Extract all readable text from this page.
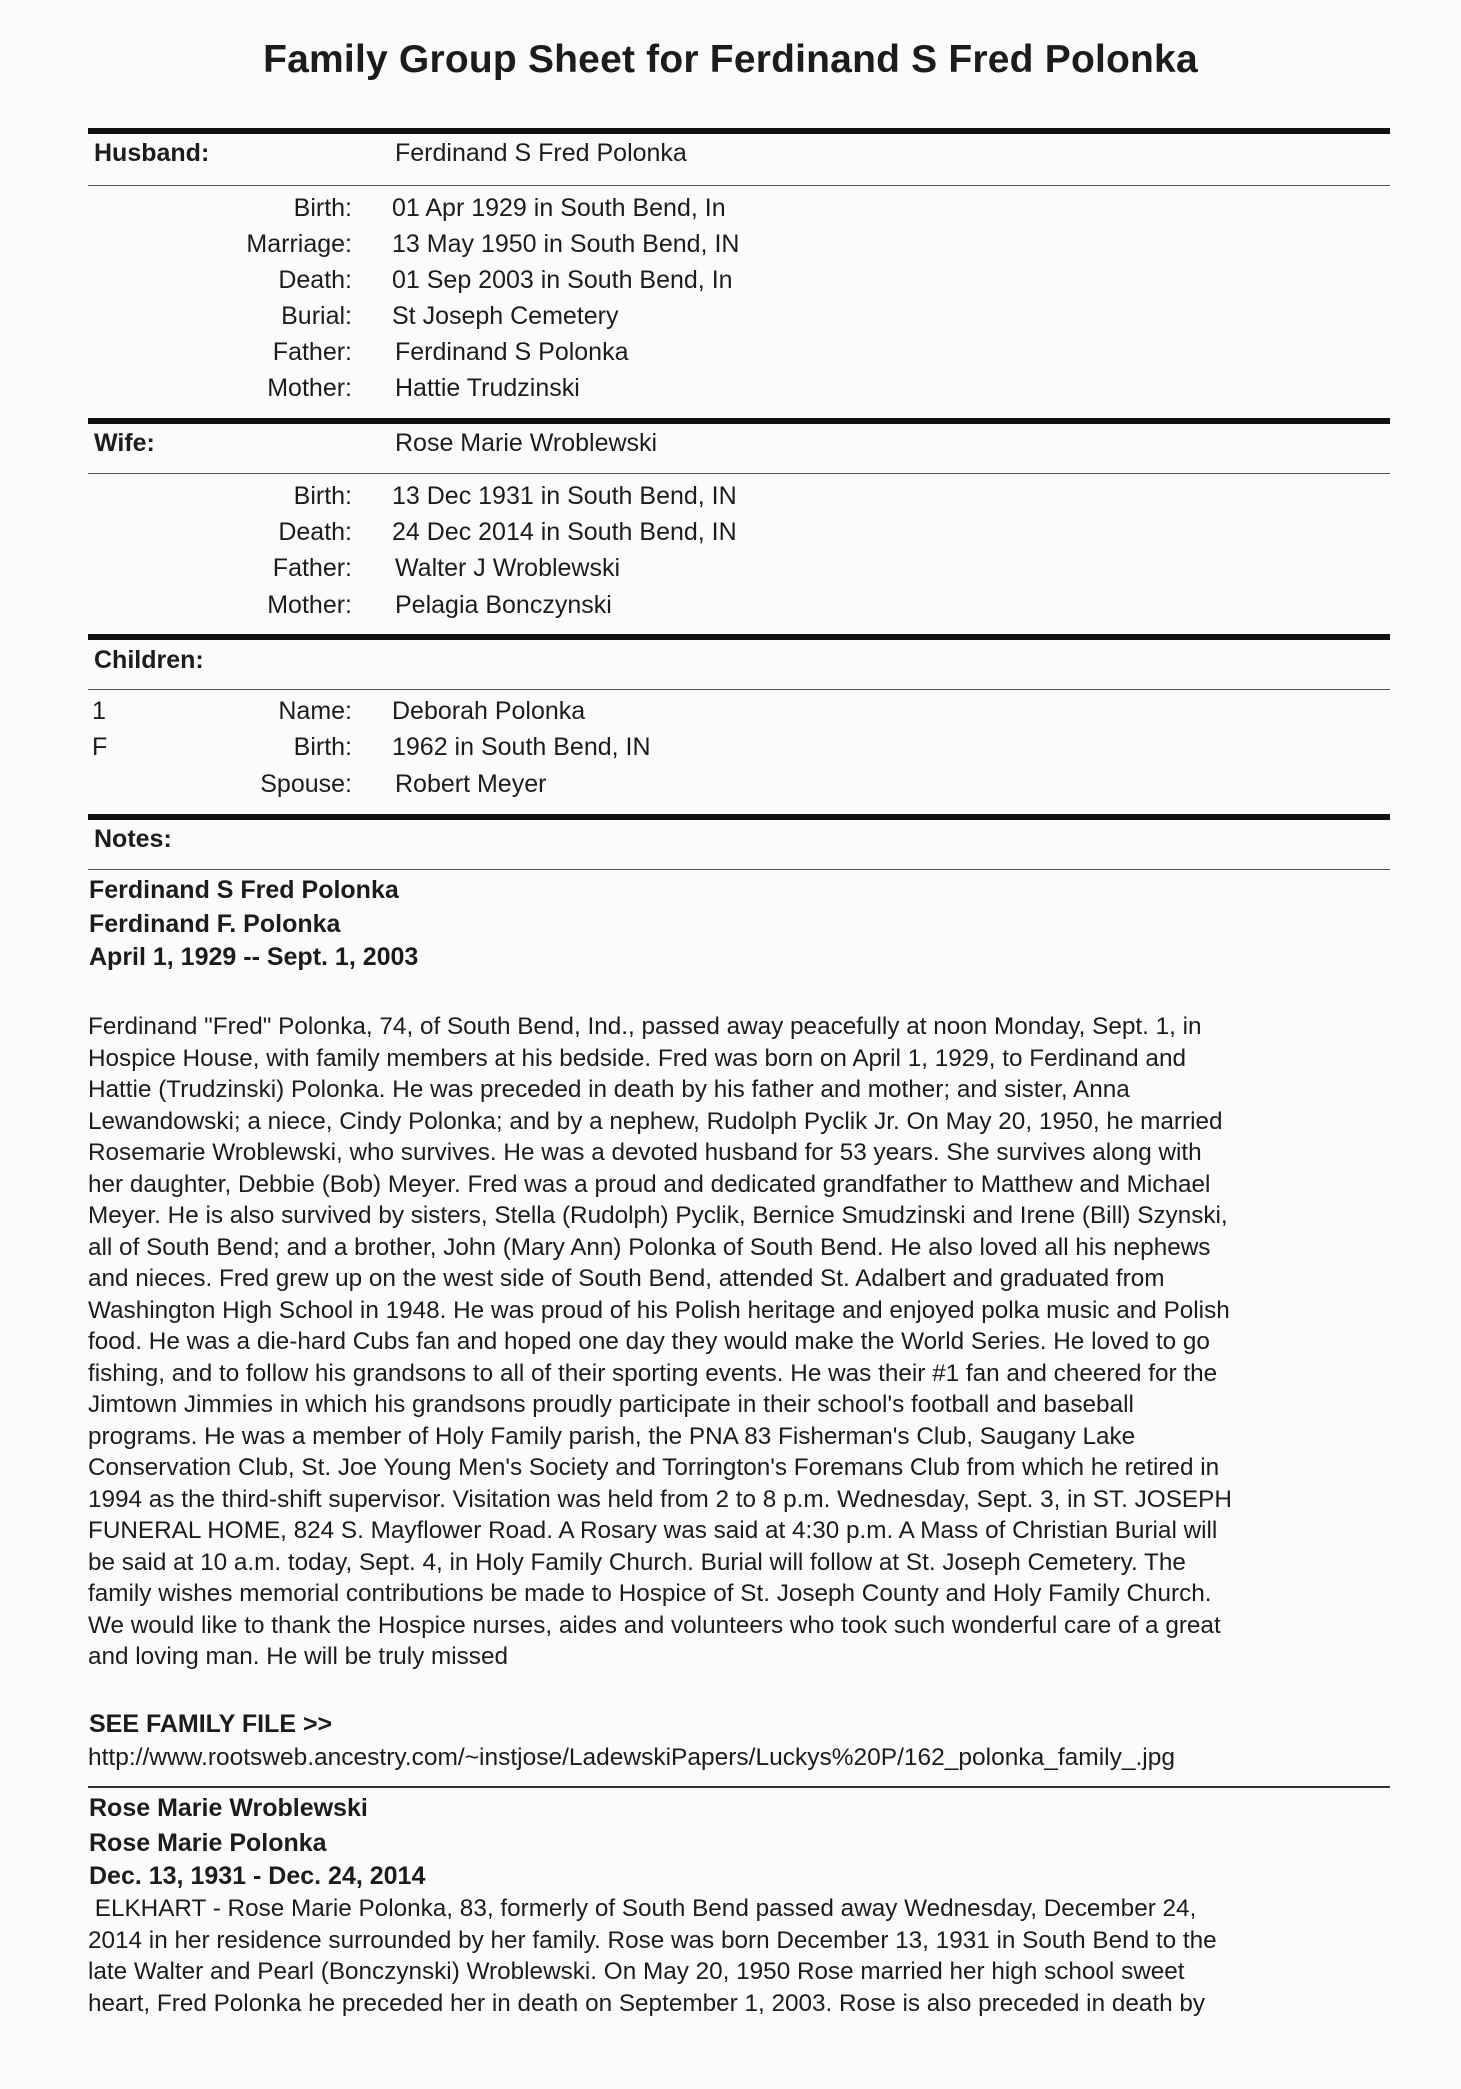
Family Group Sheet for Ferdinand S Fred Polonka
Husband:	Ferdinand S Fred Polonka
Birth: 01 Apr 1929 in South Bend, In
Marriage: 13 May 1950 in South Bend, IN
Death: 01 Sep 2003 in South Bend, In
Burial: St Joseph Cemetery
Father: Ferdinand S Polonka
Mother: Hattie Trudzinski
Wife:	Rose Marie Wroblewski
Birth: 13 Dec 1931 in South Bend, IN
Death: 24 Dec 2014 in South Bend, IN
Father: Walter J Wroblewski
Mother: Pelagia Bonczynski
Children:
1
F
Name: Deborah Polonka
Birth: 1962 in South Bend, IN
Spouse: Robert Meyer
Notes:
Ferdinand S Fred Polonka
Ferdinand F. Polonka
April 1, 1929 -- Sept. 1, 2003
Ferdinand "Fred" Polonka, 74, of South Bend, Ind., passed away peacefully at noon Monday, Sept. 1, in
Hospice House, with family members at his bedside. Fred was born on April 1, 1929, to Ferdinand and
Hattie (Trudzinski) Polonka. He was preceded in death by his father and mother; and sister, Anna
Lewandowski; a niece, Cindy Polonka; and by a nephew, Rudolph Pyclik Jr. On May 20, 1950, he married
Rosemarie Wroblewski, who survives. He was a devoted husband for 53 years. She survives along with
her daughter, Debbie (Bob) Meyer. Fred was a proud and dedicated grandfather to Matthew and Michael
Meyer. He is also survived by sisters, Stella (Rudolph) Pyclik, Bernice Smudzinski and Irene (Bill) Szynski,
all of South Bend; and a brother, John (Mary Ann) Polonka of South Bend. He also loved all his nephews
and nieces. Fred grew up on the west side of South Bend, attended St. Adalbert and graduated from
Washington High School in 1948. He was proud of his Polish heritage and enjoyed polka music and Polish
food. He was a die-hard Cubs fan and hoped one day they would make the World Series. He loved to go
fishing, and to follow his grandsons to all of their sporting events. He was their #1 fan and cheered for the
Jimtown Jimmies in which his grandsons proudly participate in their school's football and baseball
programs. He was a member of Holy Family parish, the PNA 83 Fisherman's Club, Saugany Lake
Conservation Club, St. Joe Young Men's Society and Torrington's Foremans Club from which he retired in
1994 as the third-shift supervisor. Visitation was held from 2 to 8 p.m. Wednesday, Sept. 3, in ST. JOSEPH
FUNERAL HOME, 824 S. Mayflower Road. A Rosary was said at 4:30 p.m. A Mass of Christian Burial will
be said at 10 a.m. today, Sept. 4, in Holy Family Church. Burial will follow at St. Joseph Cemetery. The
family wishes memorial contributions be made to Hospice of St. Joseph County and Holy Family Church.
We would like to thank the Hospice nurses, aides and volunteers who took such wonderful care of a great
and loving man. He will be truly missed
SEE FAMILY FILE >>
http://www.rootsweb.ancestry.com/~instjose/LadewskiPapers/Luckys%20P/162_polonka_family_.jpg
Rose Marie Wroblewski
Rose Marie Polonka
Dec. 13, 1931 - Dec. 24, 2014
ELKHART - Rose Marie Polonka, 83, formerly of South Bend passed away Wednesday, December 24,
2014 in her residence surrounded by her family. Rose was born December 13, 1931 in South Bend to the
late Walter and Pearl (Bonczynski) Wroblewski. On May 20, 1950 Rose married her high school sweet
heart, Fred Polonka he preceded her in death on September 1, 2003. Rose is also preceded in death by
